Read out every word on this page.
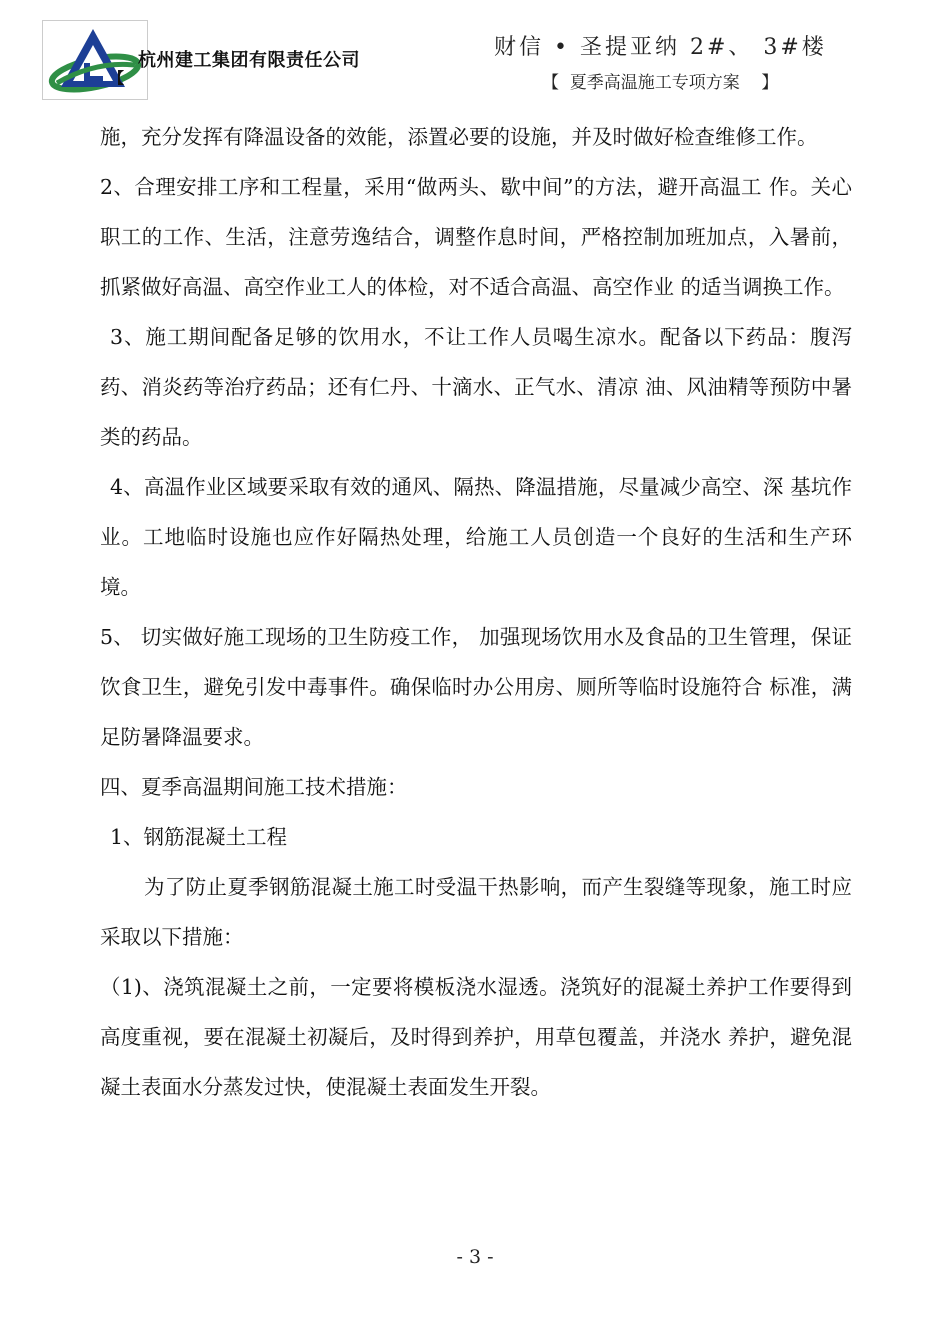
【
杭州建工集团有限责任公司
财信 • 圣提亚纳 2#、 3#楼
【  夏季高温施工专项方案    】

施，充分发挥有降温设备的效能，添置必要的设施，并及时做好检查维修工作。

2、合理安排工序和工程量，采用“做两头、歇中间”的方法，避开高温工 作。关心职工的工作、生活，注意劳逸结合，调整作息时间，严格控制加班加点，入暑前，抓紧做好高温、高空作业工人的体检，对不适合高温、高空作业 的适当调换工作。

3、施工期间配备足够的饮用水，不让工作人员喝生凉水。配备以下药品：腹泻药、消炎药等治疗药品；还有仁丹、十滴水、正气水、清凉 油、风油精等预防中暑类的药品。

4、高温作业区域要采取有效的通风、隔热、降温措施，尽量减少高空、深 基坑作业。工地临时设施也应作好隔热处理，给施工人员创造一个良好的生活和生产环境。

5、 切实做好施工现场的卫生防疫工作， 加强现场饮用水及食品的卫生管理，保证饮食卫生，避免引发中毒事件。确保临时办公用房、厕所等临时设施符合 标准，满足防暑降温要求。

四、夏季高温期间施工技术措施：

1、钢筋混凝土工程

为了防止夏季钢筋混凝土施工时受温干热影响，而产生裂缝等现象，施工时应采取以下措施：

（1)、浇筑混凝土之前，一定要将模板浇水湿透。浇筑好的混凝土养护工作要得到高度重视，要在混凝土初凝后，及时得到养护，用草包覆盖，并浇水 养护，避免混凝土表面水分蒸发过快，使混凝土表面发生开裂。

- 3 -
